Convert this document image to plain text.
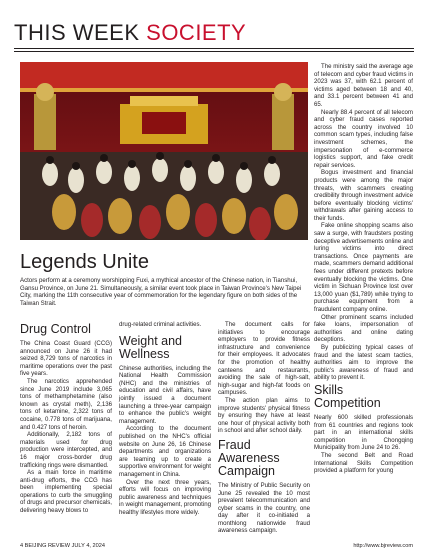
THIS WEEK SOCIETY
Legends Unite
Actors perform at a ceremony worshipping Fuxi, a mythical ancestor of the Chinese nation, in Tianshui, Gansu Province, on June 21. Simultaneously, a similar event took place in Taiwan Province's New Taipei City, marking the 11th consecutive year of commemoration for the legendary figure on both sides of the Taiwan Strait.

The ministry said the average age of telecom and cyber fraud victims in 2023 was 37, with 62.1 percent of victims aged between 18 and 40, and 33.1 percent between 41 and 65.

Nearly 88.4 percent of all telecom and cyber fraud cases reported across the country involved 10 common scam types, including false investment schemes, the impersonation of e-commerce logistics support, and fake credit repair services.

Bogus investment and financial products were among the major threats, with scammers creating credibility through investment advice before eventually blocking victims' withdrawals after gaining access to their funds.

Fake online shopping scams also saw a surge, with fraudsters posting deceptive advertisements online and luring victims into direct transactions. Once payments are made, scammers demand additional fees under different pretexts before eventually blocking the victims. One victim in Sichuan Province lost over 13,000 yuan ($1,789) while trying to purchase equipment from a fraudulent company online.

Other prominent scams included fake loans, impersonation of authorities and online dating deceptions.

By publicizing typical cases of fraud and the latest scam tactics, authorities aim to improve the public's awareness of fraud and ability to prevent it.

Skills Competition

Nearly 600 skilled professionals from 61 countries and regions took part in an international skills competition in Chongqing Municipality from June 24 to 26.

The second Belt and Road International Skills Competition provided a platform for young

Drug Control

The China Coast Guard (CCG) announced on June 26 it had seized 8,729 tons of narcotics in maritime operations over the past five years.

The narcotics apprehended since June 2019 include 3,065 tons of methamphetamine (also known as crystal meth), 2,136 tons of ketamine, 2,322 tons of cocaine, 0.778 tons of marijuana, and 0.427 tons of heroin.

Additionally, 2,182 tons of materials used for drug production were intercepted, and 16 major cross-border drug trafficking rings were dismantled.

As a main force in maritime anti-drug efforts, the CCG has been implementing special operations to curb the smuggling of drugs and precursor chemicals, delivering heavy blows to

drug-related criminal activities.

Weight and Wellness

Chinese authorities, including the National Health Commission (NHC) and the ministries of education and civil affairs, have jointly issued a document launching a three-year campaign to enhance the public's weight management.

According to the document published on the NHC's official website on June 26, 16 Chinese departments and organizations are teaming up to create a supportive environment for weight management in China.

Over the next three years, efforts will focus on improving public awareness and techniques in weight management, promoting healthy lifestyles more widely.

The document calls for initiatives to encourage employers to provide fitness infrastructure and convenience for their employees. It advocates for the promotion of healthy canteens and restaurants, avoiding the sale of high-salt, high-sugar and high-fat foods on campuses.

The action plan aims to improve students' physical fitness by ensuring they have at least one hour of physical activity both in school and after school daily.

Fraud Awareness Campaign

The Ministry of Public Security on June 25 revealed the 10 most prevalent telecommunication and cyber scams in the country, one day after it co-initiated a monthlong nationwide fraud awareness campaign.

4 BEIJING REVIEW JULY 4, 2024	http://www.bjreview.com
